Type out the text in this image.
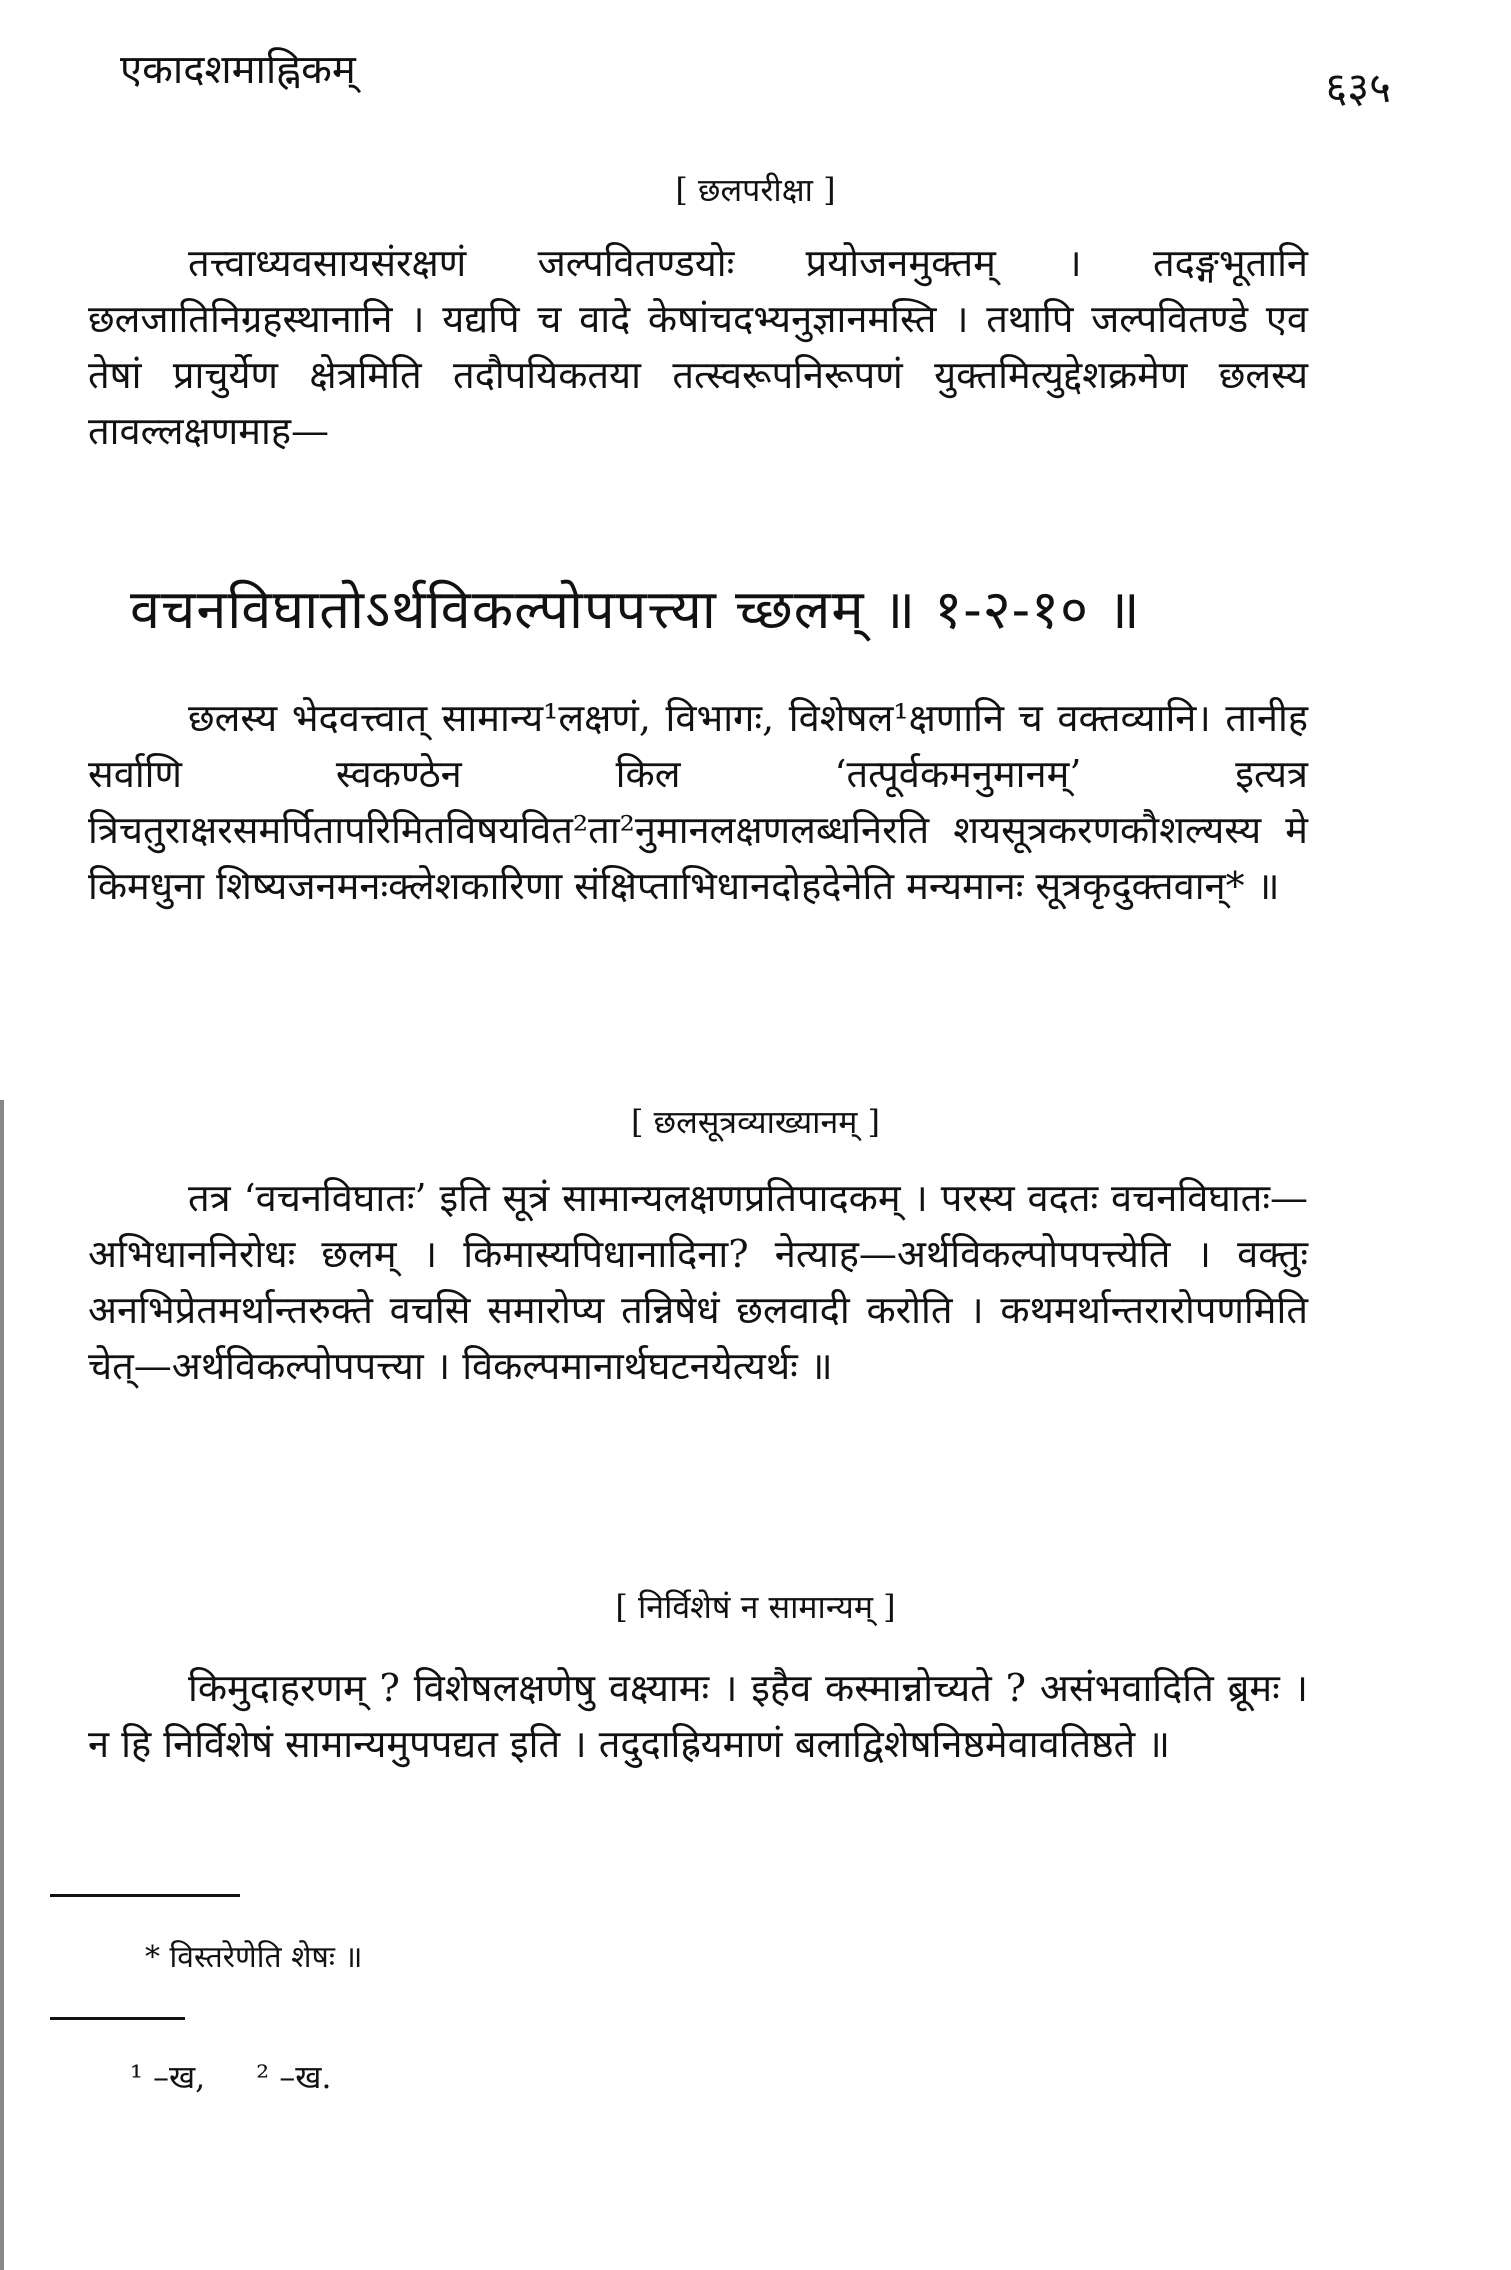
एकादशमाह्निकम्	६३५
[ छलपरीक्षा ]
तत्त्वाध्यवसायसंरक्षणं जल्पवितण्डयोः प्रयोजनमुक्तम् । तदङ्गभूतानि छलजातिनिग्रहस्थानानि । यद्यपि च वादे केषांचदभ्यनुज्ञानमस्ति । तथापि जल्पवितण्डे एव तेषां प्राचुर्येण क्षेत्रमिति तदौपयिकतया तत्स्वरूपनिरूपणं युक्तमित्युद्देशक्रमेण छलस्य तावल्लक्षणमाह—
वचनविघातोऽर्थविकल्पोपपत्त्या च्छलम् ॥ १-२-१० ॥
छलस्य भेदवत्त्वात् सामान्य¹लक्षणं, विभागः, विशेषल¹क्षणानि च वक्तव्यानि। तानीह सर्वाणि स्वकण्ठेन किल ‘तत्पूर्वकमनुमानम्’ इत्यत्र त्रिचतुराक्षरसमर्पितापरिमितविषयवित²ता²नुमानलक्षणलब्धनिरति शयसूत्रकरणकौशल्यस्य मे किमधुना शिष्यजनमनःक्लेशकारिणा संक्षिप्ताभिधानदोहदेनेति मन्यमानः सूत्रकृदुक्तवान्* ॥
[ छलसूत्रव्याख्यानम् ]
तत्र ‘वचनविघातः’ इति सूत्रं सामान्यलक्षणप्रतिपादकम् । परस्य वदतः वचनविघातः—अभिधाननिरोधः छलम् । किमास्यपिधानादिना? नेत्याह—अर्थविकल्पोपपत्त्येति । वक्तुः अनभिप्रेतमर्थान्तरुक्ते वचसि समारोप्य तन्निषेधं छलवादी करोति । कथमर्थान्तरारोपणमिति चेत्—अर्थविकल्पोपपत्त्या । विकल्पमानार्थघटनयेत्यर्थः ॥
[ निर्विशेषं न सामान्यम् ]
किमुदाहरणम् ? विशेषलक्षणेषु वक्ष्यामः । इहैव कस्मान्नोच्यते ? असंभवादिति ब्रूमः । न हि निर्विशेषं सामान्यमुपपद्यत इति । तदुदाह्रियमाणं बलाद्विशेषनिष्ठमेवावतिष्ठते ॥
* विस्तरेणेति शेषः ॥
¹ –ख,     ² –ख.
